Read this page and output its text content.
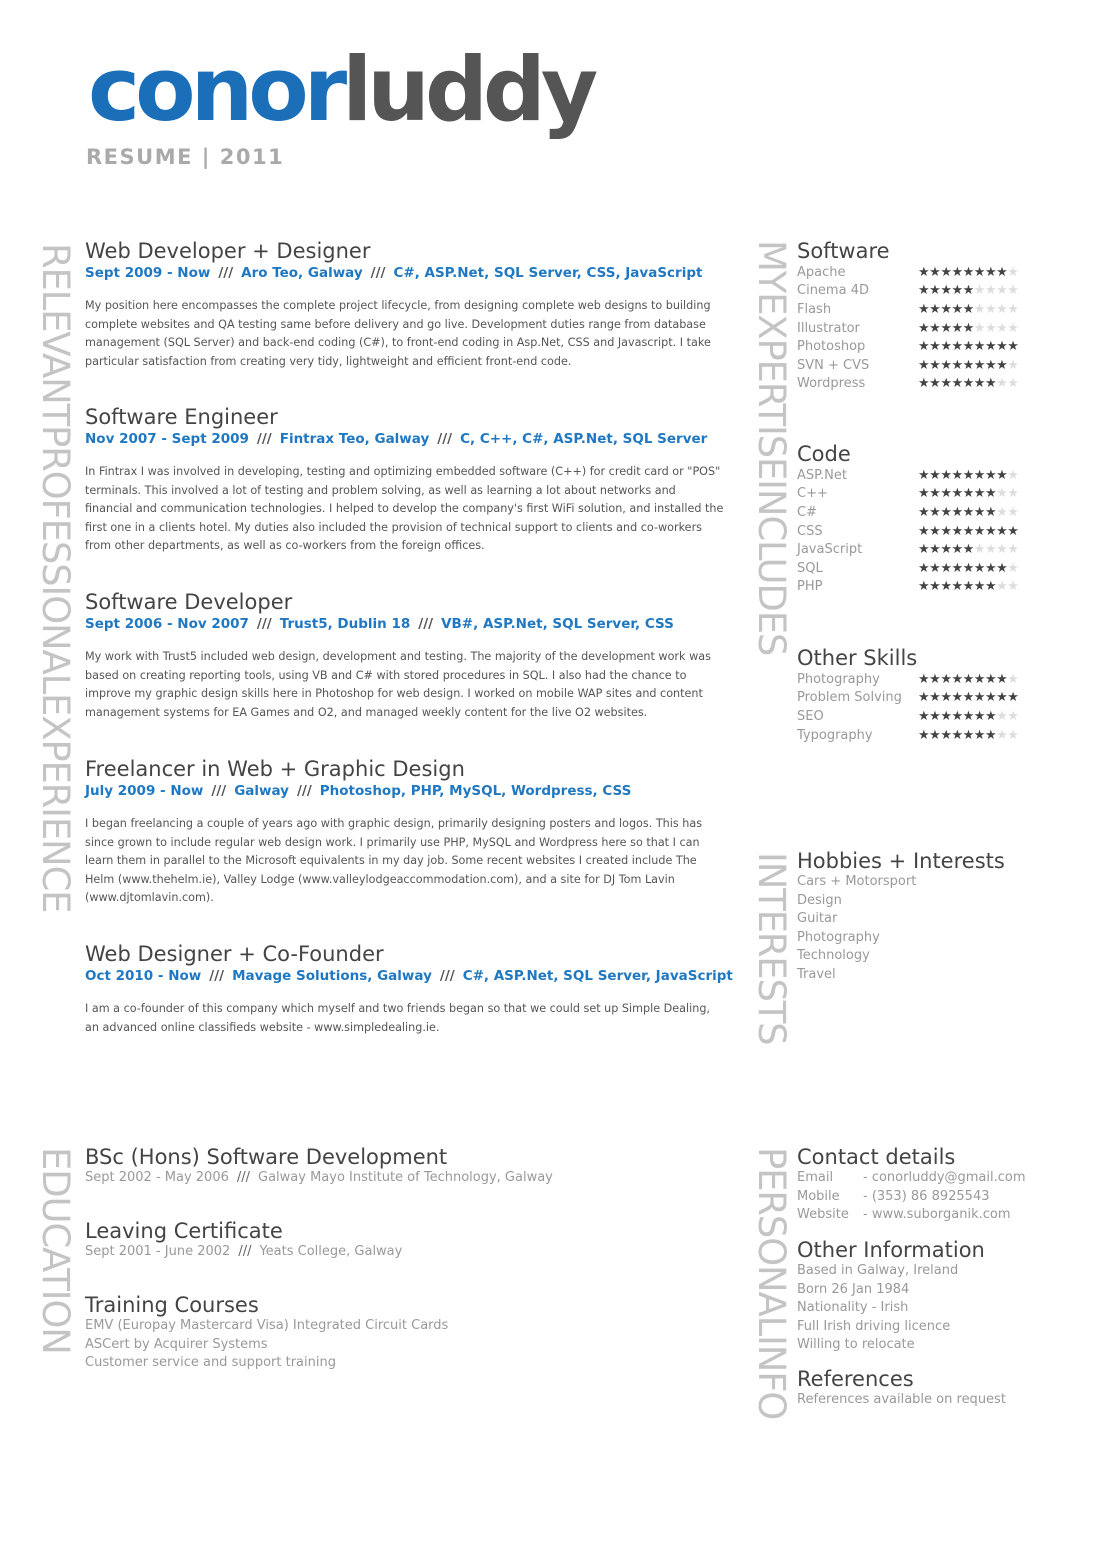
conorluddy
RESUME | 2011
RELEVANTPROFESSIONALEXPERIENCE
MYEXPERTISEINCLUDES
INTERESTS
EDUCATION	PERSONALINFO
Web Developer + Designer
Sept 2009 - Now /// Aro Teo, Galway /// C#, ASP.Net, SQL Server, CSS, JavaScript

My position here encompasses the complete project lifecycle, from designing complete web designs to building complete websites and QA testing same before delivery and go live. Development duties range from database management (SQL Server) and back-end coding (C#), to front-end coding in Asp.Net, CSS and Javascript. I take particular satisfaction from creating very tidy, lightweight and efficient front-end code.

Software Engineer
Nov 2007 - Sept 2009 /// Fintrax Teo, Galway /// C, C++, C#, ASP.Net, SQL Server

In Fintrax I was involved in developing, testing and optimizing embedded software (C++) for credit card or "POS" terminals. This involved a lot of testing and problem solving, as well as learning a lot about networks and financial and communication technologies. I helped to develop the company's first WiFi solution, and installed the first one in a clients hotel. My duties also included the provision of technical support to clients and co-workers from other departments, as well as co-workers from the foreign offices.

Software Developer
Sept 2006 - Nov 2007 /// Trust5, Dublin 18 /// VB#, ASP.Net, SQL Server, CSS

My work with Trust5 included web design, development and testing. The majority of the development work was based on creating reporting tools, using VB and C# with stored procedures in SQL. I also had the chance to improve my graphic design skills here in Photoshop for web design. I worked on mobile WAP sites and content management systems for EA Games and O2, and managed weekly content for the live O2 websites.

Freelancer in Web + Graphic Design
July 2009 - Now /// Galway /// Photoshop, PHP, MySQL, Wordpress, CSS

I began freelancing a couple of years ago with graphic design, primarily designing posters and logos. This has since grown to include regular web design work. I primarily use PHP, MySQL and Wordpress here so that I can learn them in parallel to the Microsoft equivalents in my day job. Some recent websites I created include The Helm (www.thehelm.ie), Valley Lodge (www.valleylodgeaccommodation.com), and a site for DJ Tom Lavin (www.djtomlavin.com).

Web Designer + Co-Founder
Oct 2010 - Now /// Mavage Solutions, Galway /// C#, ASP.Net, SQL Server, JavaScript

I am a co-founder of this company which myself and two friends began so that we could set up Simple Dealing, an advanced online classifieds website - www.simpledealing.ie.

Software
Apache	★★★★★★★★★
Cinema 4D	★★★★★★★★★
Flash	★★★★★★★★★
Illustrator	★★★★★★★★★
Photoshop	★★★★★★★★★
SVN + CVS	★★★★★★★★★
Wordpress	★★★★★★★★★
Code
ASP.Net	★★★★★★★★★
C++	★★★★★★★★★
C#	★★★★★★★★★
CSS	★★★★★★★★★
JavaScript	★★★★★★★★★
SQL	★★★★★★★★★
PHP	★★★★★★★★★
Other Skills
Photography	★★★★★★★★★
Problem Solving	★★★★★★★★★
SEO	★★★★★★★★★
Typography	★★★★★★★★★
Hobbies + Interests
Cars + Motorsport
Design
Guitar
Photography
Technology
Travel
BSc (Hons) Software Development
Sept 2002 - May 2006 /// Galway Mayo Institute of Technology, Galway
Leaving Certificate
Sept 2001 - June 2002 /// Yeats College, Galway
Training Courses
EMV (Europay Mastercard Visa) Integrated Circuit Cards
ASCert by Acquirer Systems
Customer service and support training
Contact details
Email	- conorluddy@gmail.com
Mobile	- (353) 86 8925543
Website	- www.suborganik.com
Other Information
Based in Galway, Ireland
Born 26 Jan 1984
Nationality - Irish
Full Irish driving licence
Willing to relocate
References
References available on request
